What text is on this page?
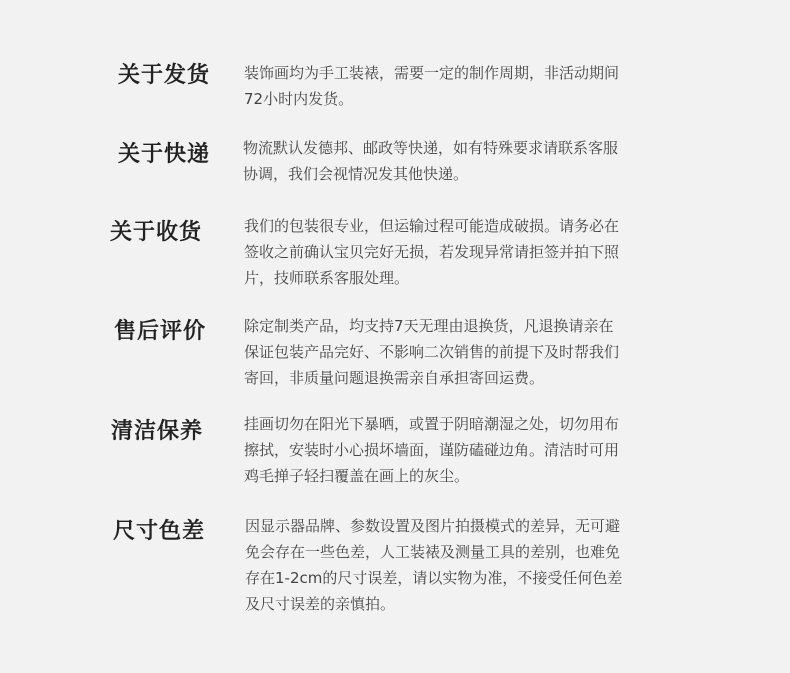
关于发货 装饰画均为手工装裱，需要一定的制作周期，非活动期间
72小时内发货。
关于快递 物流默认发德邦、邮政等快递，如有特殊要求请联系客服
协调，我们会视情况发其他快递。
关于收货	我们的包装很专业，但运输过程可能造成破损。请务必在
签收之前确认宝贝完好无损，若发现异常请拒签并拍下照
片，技师联系客服处理。
售后评价	除定制类产品，均支持7天无理由退换货，凡退换请亲在
保证包装产品完好、不影响二次销售的前提下及时帮我们
寄回，非质量问题退换需亲自承担寄回运费。
清洁保养	挂画切勿在阳光下暴晒，或置于阴暗潮湿之处，切勿用布
擦拭，安装时小心损坏墙面，谨防磕碰边角。清洁时可用
鸡毛掸子轻扫覆盖在画上的灰尘。
尺寸色差	因显示器品牌、参数设置及图片拍摄模式的差异，无可避
免会存在一些色差，人工装裱及测量工具的差别，也难免
存在1-2cm的尺寸误差，请以实物为准，不接受任何色差
及尺寸误差的亲慎拍。
